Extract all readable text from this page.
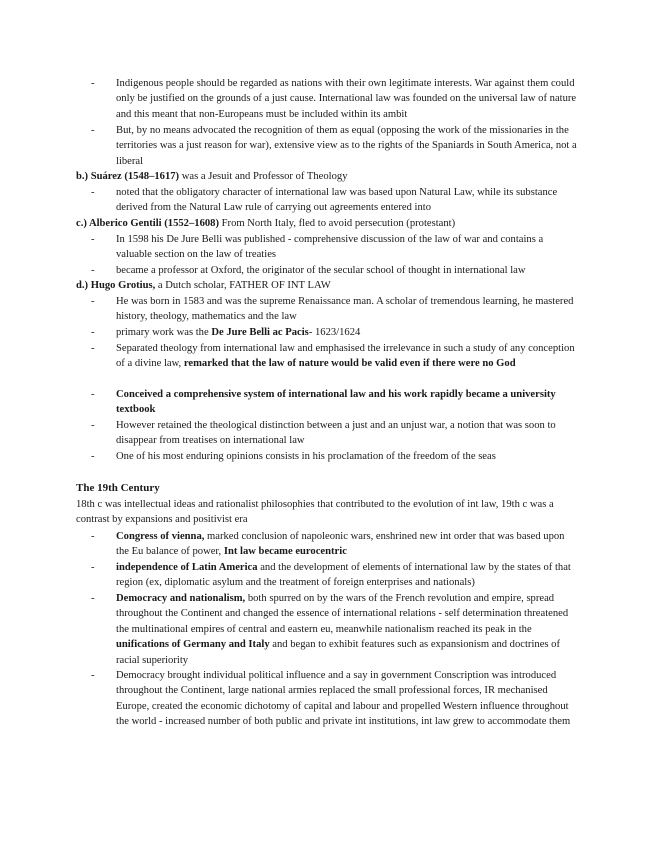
-	Indigenous people should be regarded as nations with their own legitimate interests. War against them could only be justified on the grounds of a just cause. International law was founded on the universal law of nature and this meant that non-Europeans must be included within its ambit
-	But, by no means advocated the recognition of them as equal (opposing the work of the missionaries in the territories was a just reason for war), extensive view as to the rights of the Spaniards in South America, not a liberal
b.) Suárez (1548–1617) was a Jesuit and Professor of Theology
-	noted that the obligatory character of international law was based upon Natural Law, while its substance derived from the Natural Law rule of carrying out agreements entered into
c.) Alberico Gentili (1552–1608) From North Italy, fled to avoid persecution (protestant)
-	In 1598 his De Jure Belli was published - comprehensive discussion of the law of war and contains a valuable section on the law of treaties
-	became a professor at Oxford, the originator of the secular school of thought in international law
d.) Hugo Grotius, a Dutch scholar, FATHER OF INT LAW
-	He was born in 1583 and was the supreme Renaissance man. A scholar of tremendous learning, he mastered history, theology, mathematics and the law
-	primary work was the De Jure Belli ac Pacis- 1623/1624
-	Separated theology from international law and emphasised the irrelevance in such a study of any conception of a divine law, remarked that the law of nature would be valid even if there were no God
-	Conceived a comprehensive system of international law and his work rapidly became a university textbook
-	However retained the theological distinction between a just and an unjust war, a notion that was soon to disappear from treatises on international law
-	One of his most enduring opinions consists in his proclamation of the freedom of the seas
The 19th Century
18th c was intellectual ideas and rationalist philosophies that contributed to the evolution of int law, 19th c was a contrast by expansions and positivist era
-	Congress of vienna, marked conclusion of napoleonic wars, enshrined new int order that was based upon the Eu balance of power, Int law became eurocentric
-	independence of Latin America and the development of elements of international law by the states of that region (ex, diplomatic asylum and the treatment of foreign enterprises and nationals)
-	Democracy and nationalism, both spurred on by the wars of the French revolution and empire, spread throughout the Continent and changed the essence of international relations - self determination threatened the multinational empires of central and eastern eu, meanwhile nationalism reached its peak in the unifications of Germany and Italy and began to exhibit features such as expansionism and doctrines of racial superiority
-	Democracy brought individual political influence and a say in government Conscription was introduced throughout the Continent, large national armies replaced the small professional forces, IR mechanised Europe, created the economic dichotomy of capital and labour and propelled Western influence throughout the world - increased number of both public and private int institutions, int law grew to accommodate them
